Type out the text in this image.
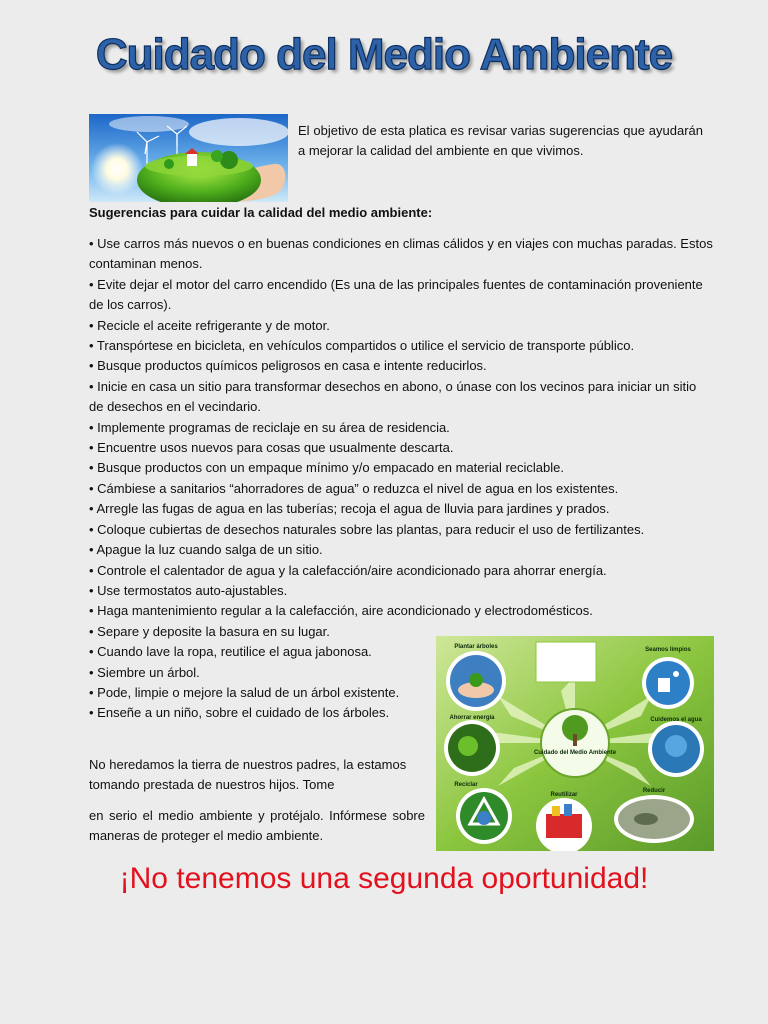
Cuidado del Medio Ambiente

El objetivo de esta platica es revisar varias sugerencias que ayudarán a mejorar la calidad del ambiente en que vivimos.

Sugerencias para cuidar la calidad del medio ambiente:

• Use carros más nuevos o en buenas condiciones en climas cálidos y en viajes con muchas paradas. Estos contaminan menos.
• Evite dejar el motor del carro encendido (Es una de las principales fuentes de contaminación proveniente de los carros).
• Recicle el aceite refrigerante y de motor.
• Transpórtese en bicicleta, en vehículos compartidos o utilice el servicio de transporte público.
• Busque productos químicos peligrosos en casa e intente reducirlos.
• Inicie en casa un sitio para transformar desechos en abono, o únase con los vecinos para iniciar un sitio de desechos en el vecindario.
• Implemente programas de reciclaje en su área de residencia.
• Encuentre usos nuevos para cosas que usualmente descarta.
• Busque productos con un empaque mínimo y/o empacado en material reciclable.
• Cámbiese a sanitarios “ahorradores de agua” o reduzca el nivel de agua en los existentes.
• Arregle las fugas de agua en las tuberías; recoja el agua de lluvia para jardines y prados.
• Coloque cubiertas de desechos naturales sobre las plantas, para reducir el uso de fertilizantes.
• Apague la luz cuando salga de un sitio.
• Controle el calentador de agua y la calefacción/aire acondicionado para ahorrar energía.
• Use termostatos auto-ajustables.
• Haga mantenimiento regular a la calefacción, aire acondicionado y electrodomésticos.
• Separe y deposite la basura en su lugar.
• Cuando lave la ropa, reutilice el agua jabonosa.
• Siembre un árbol.
• Pode, limpie o mejore la salud de un árbol existente.
• Enseñe a un niño, sobre el cuidado de los árboles.

No heredamos la tierra de nuestros padres, la estamos tomando prestada de nuestros hijos. Tome

en serio el medio ambiente y protéjalo. Infórmese sobre maneras de proteger el medio ambiente.

Cuidado del Medio Ambiente
Plantar árboles	Seamos limpios
Ahorrar energía	Cuidemos el agua
Reciclar
Reutilizar
Reducir

¡No tenemos una segunda oportunidad!
